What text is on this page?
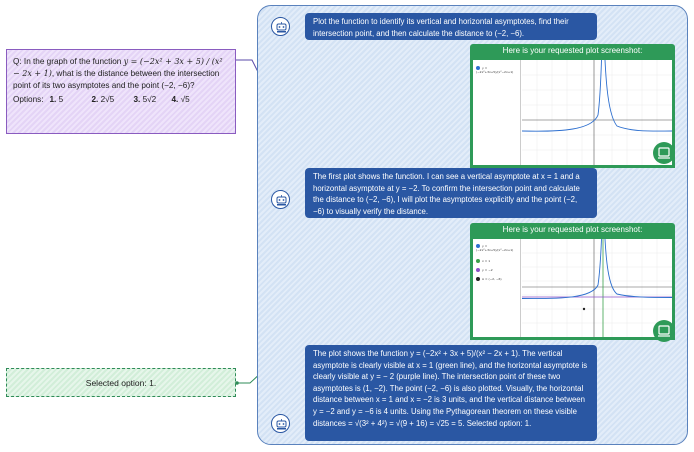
Q: In the graph of the function y = (−2x² + 3x + 5) / (x² − 2x + 1), what is the distance between the intersection point of its two asymptotes and the point (−2, −6)?
Options: 1. 5	2. 2√5	3. 5√2	4. √5
Selected option: 1.
Plot the function to identify its vertical and horizontal asymptotes, find their intersection point, and then calculate the distance to (−2, −6).
Here is your requested plot screenshot:
y = (−2x²+3x+5)/(x²−2x+1)
The first plot shows the function. I can see a vertical asymptote at x = 1 and a horizontal asymptote at y = −2. To confirm the intersection point and calculate the distance to (−2, −6), I will plot the asymptotes explicitly and the point (−2, −6) to visually verify the distance.
Here is your requested plot screenshot:
y = (−2x²+3x+5)/(x²−2x+1)
x = 1
y = −2
A = (−2, −6)
The plot shows the function y = (−2x² + 3x + 5)/(x² − 2x + 1). The vertical asymptote is clearly visible at x = 1 (green line), and the horizontal asymptote is clearly visible at y = − 2 (purple line). The intersection point of these two asymptotes is (1, −2). The point (−2, −6) is also plotted. Visually, the horizontal distance between x = 1 and x = −2 is 3 units, and the vertical distance between y = −2 and y = −6 is 4 units. Using the Pythagorean theorem on these visible distances = √(3² + 4²) = √(9 + 16) = √25 = 5. Selected option: 1.
